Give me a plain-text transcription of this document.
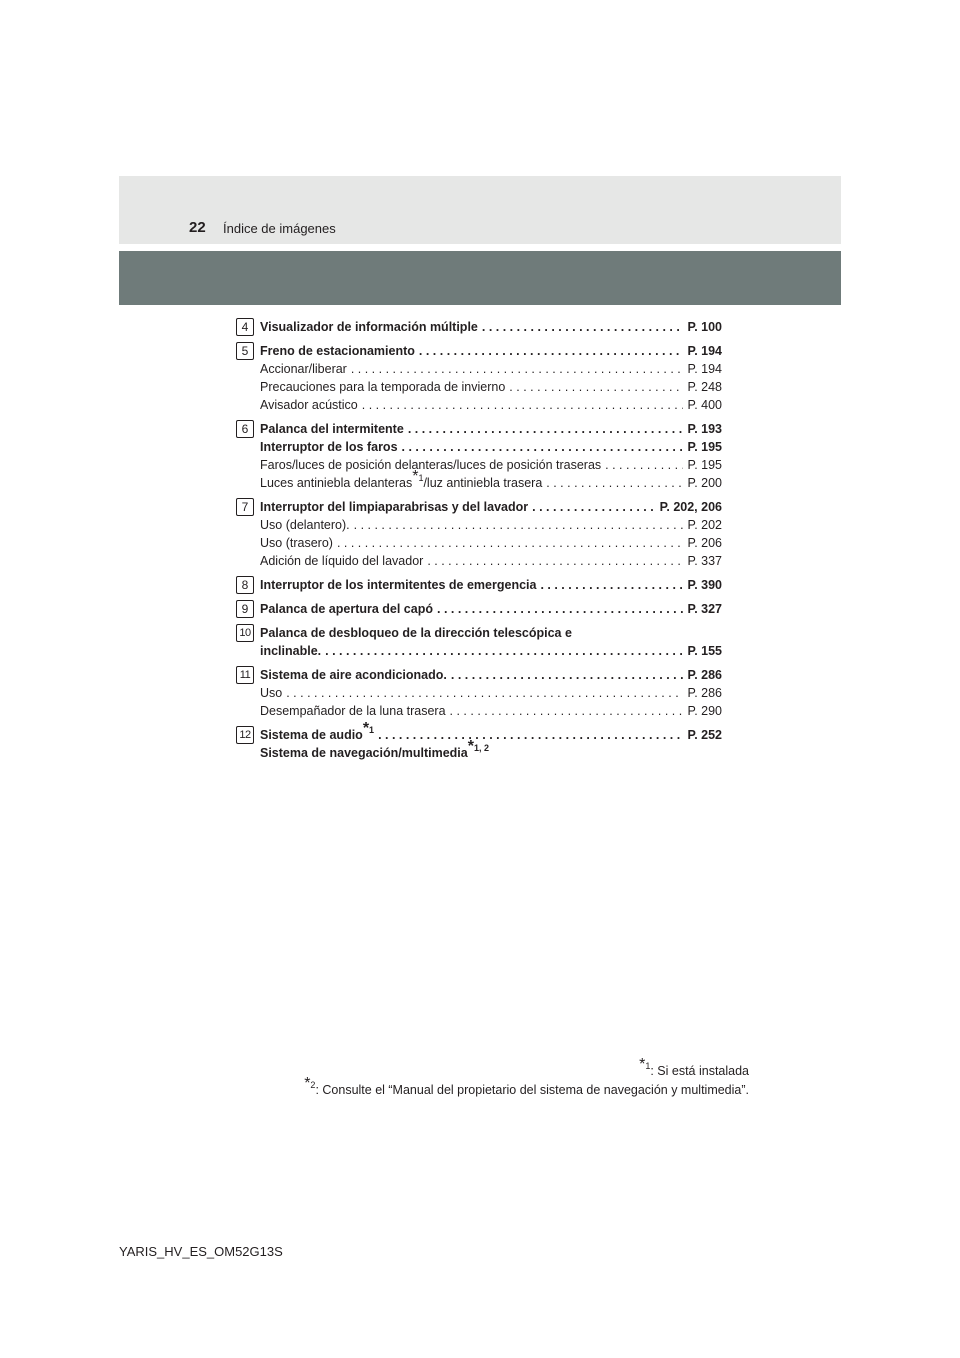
22 Índice de imágenes
4 Visualizador de información múltiple . . .	P. 100
5 Freno de estacionamiento . . .	P. 194
Accionar/liberar . . .	P. 194
Precauciones para la temporada de invierno . . .	P. 248
Avisador acústico . . .	P. 400
6 Palanca del intermitente . . .	P. 193
Interruptor de los faros . . .	P. 195
Faros/luces de posición delanteras/luces de posición traseras . . .	P. 195
Luces antiniebla delanteras$^{*1}$/luz antiniebla trasera . . .	P. 200
7 Interruptor del limpiaparabrisas y del lavador . . .	P. 202, 206
Uso (delantero). . . .	P. 202
Uso (trasero) . . .	P. 206
Adición de líquido del lavador . . .	P. 337
8 Interruptor de los intermitentes de emergencia . . .	P. 390
9 Palanca de apertura del capó . . .	P. 327
10 Palanca de desbloqueo de la dirección telescópica e
inclinable. . . .	P. 155
11 Sistema de aire acondicionado. . . .	P. 286
Uso . . .	P. 286
Desempañador de la luna trasera . . .	P. 290
12 Sistema de audio$^{*1}$ . . .	P. 252
Sistema de navegación/multimedia$^{*1, 2}$
$^{*1}$: Si está instalada
$^{*2}$: Consulte el “Manual del propietario del sistema de navegación y multimedia”.
YARIS_HV_ES_OM52G13S
